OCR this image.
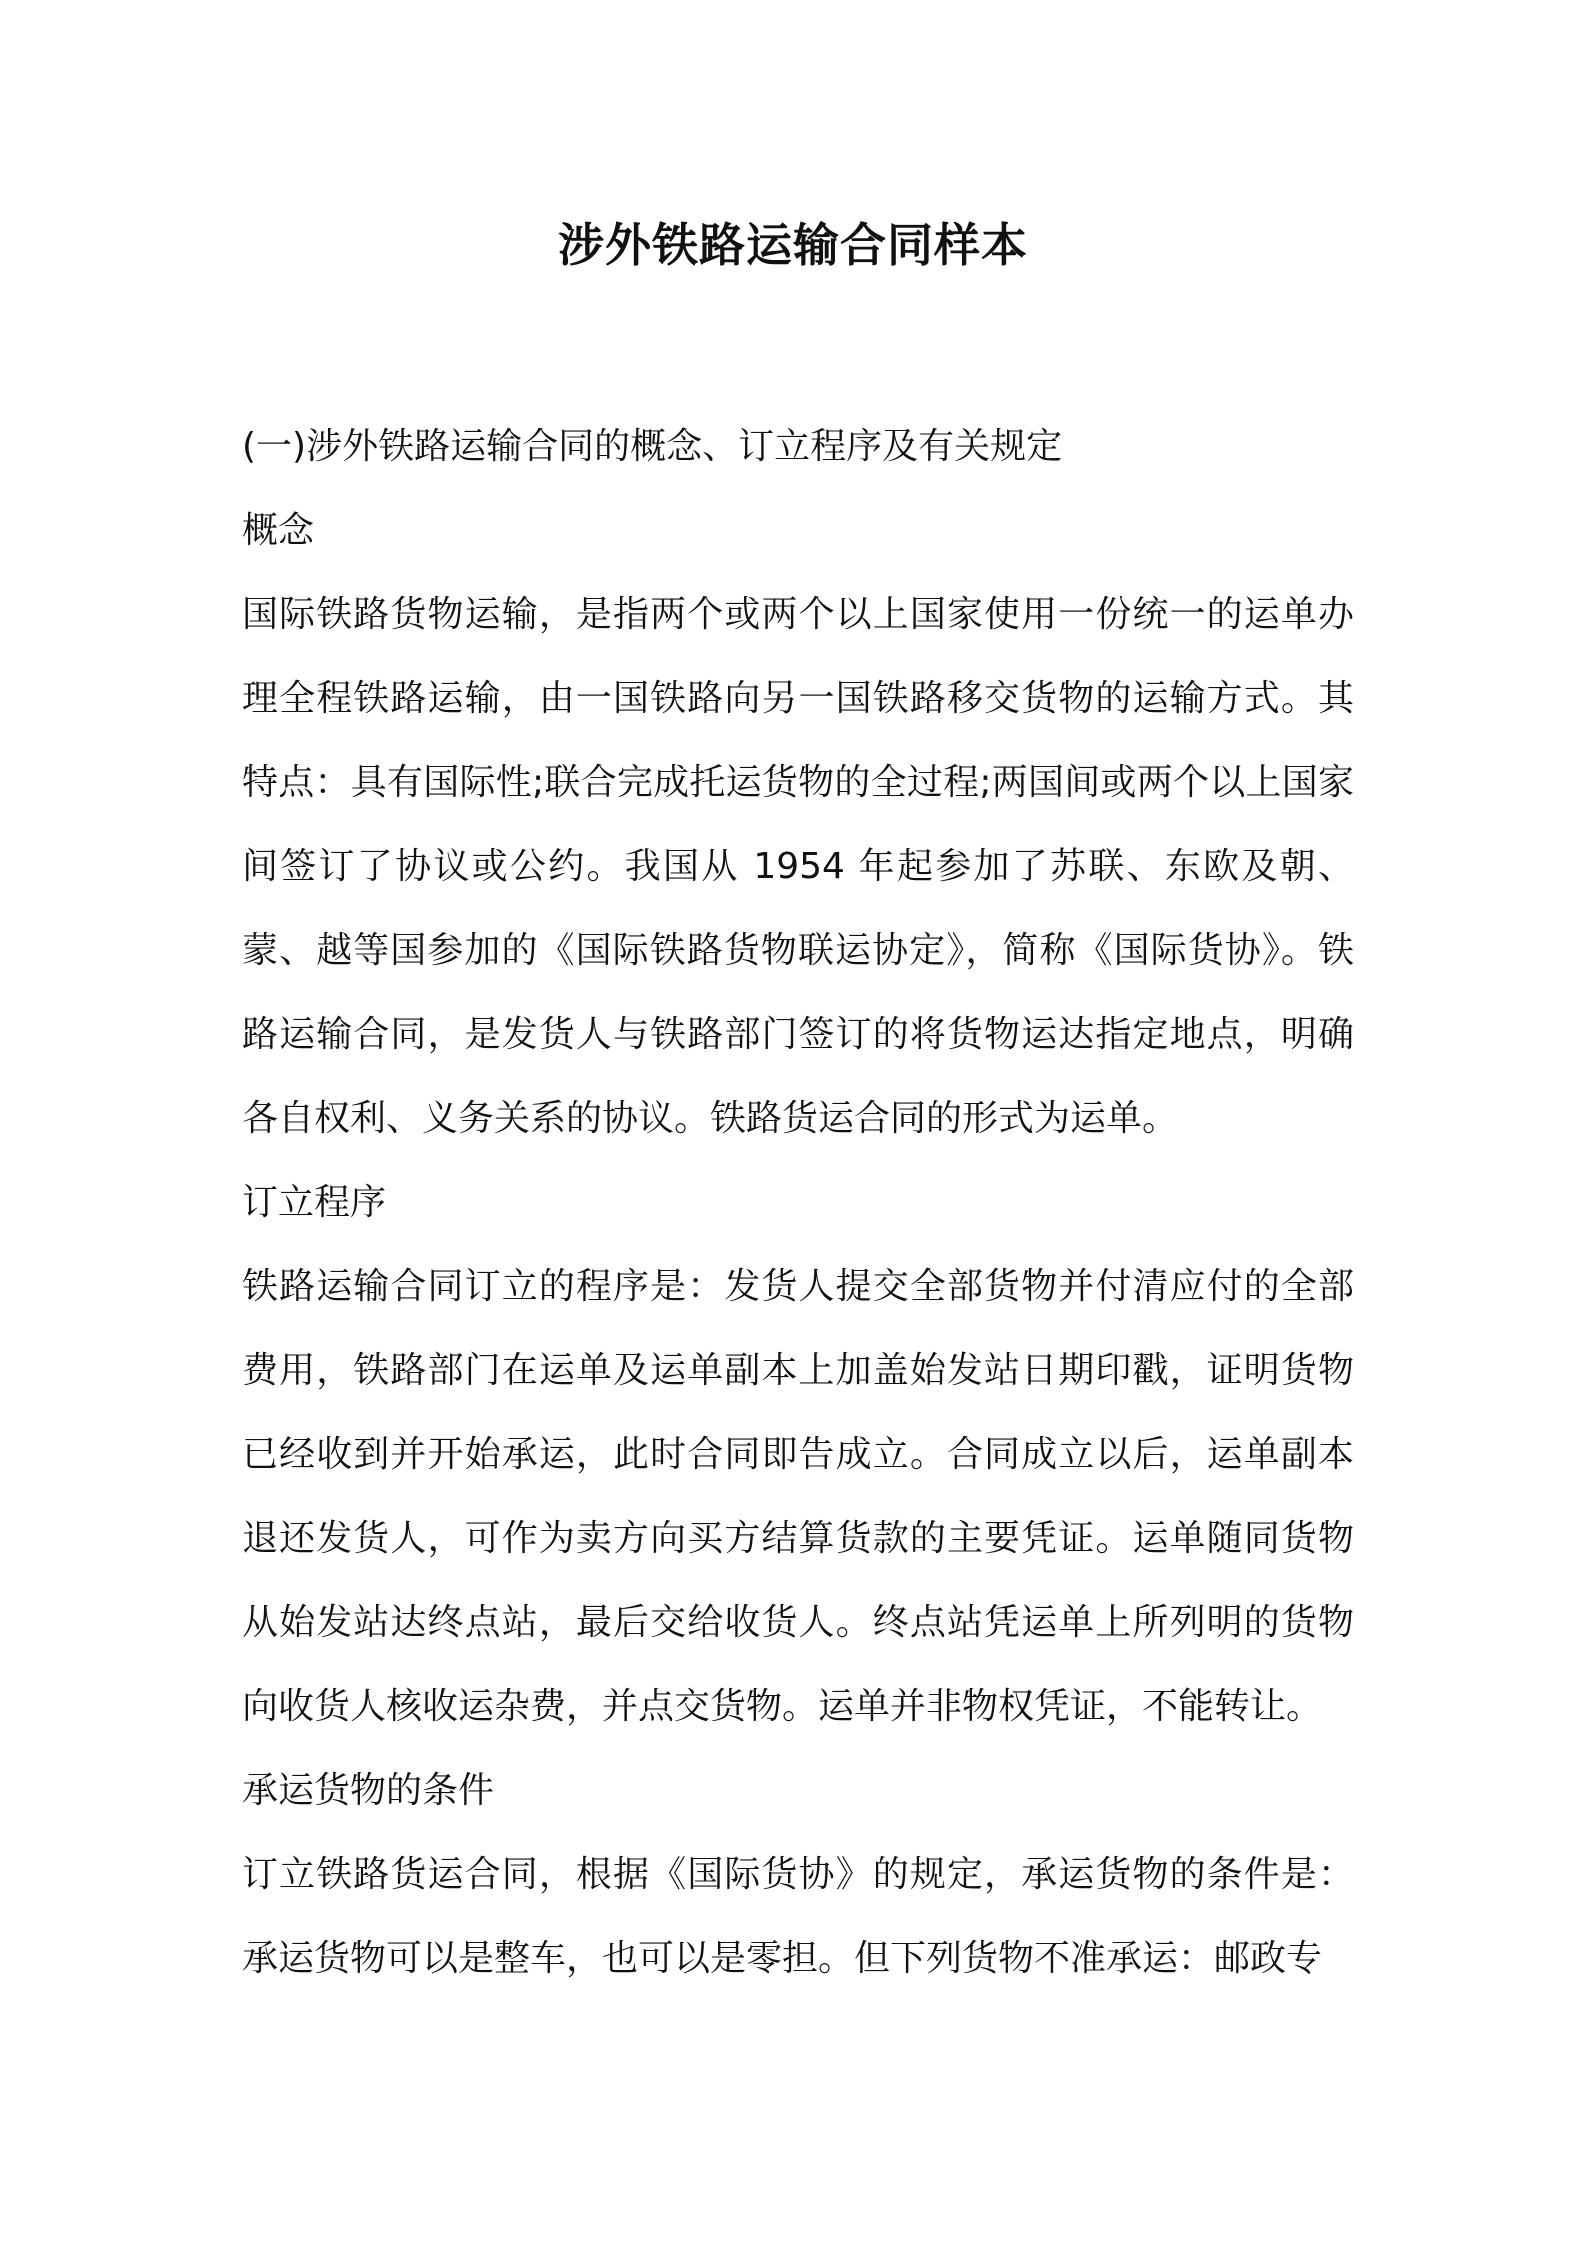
涉外铁路运输合同样本

(一)涉外铁路运输合同的概念、订立程序及有关规定

概念

国际铁路货物运输，是指两个或两个以上国家使用一份统一的运单办理全程铁路运输，由一国铁路向另一国铁路移交货物的运输方式。其特点：具有国际性;联合完成托运货物的全过程;两国间或两个以上国家间签订了协议或公约。我国从 1954 年起参加了苏联、东欧及朝、蒙、越等国参加的《国际铁路货物联运协定》，简称《国际货协》。铁路运输合同，是发货人与铁路部门签订的将货物运达指定地点，明确各自权利、义务关系的协议。铁路货运合同的形式为运单。

订立程序

铁路运输合同订立的程序是：发货人提交全部货物并付清应付的全部费用，铁路部门在运单及运单副本上加盖始发站日期印戳，证明货物已经收到并开始承运，此时合同即告成立。合同成立以后，运单副本退还发货人，可作为卖方向买方结算货款的主要凭证。运单随同货物从始发站达终点站，最后交给收货人。终点站凭运单上所列明的货物向收货人核收运杂费，并点交货物。运单并非物权凭证，不能转让。

承运货物的条件

订立铁路货运合同，根据《国际货协》的规定，承运货物的条件是：承运货物可以是整车，也可以是零担。但下列货物不准承运：邮政专
